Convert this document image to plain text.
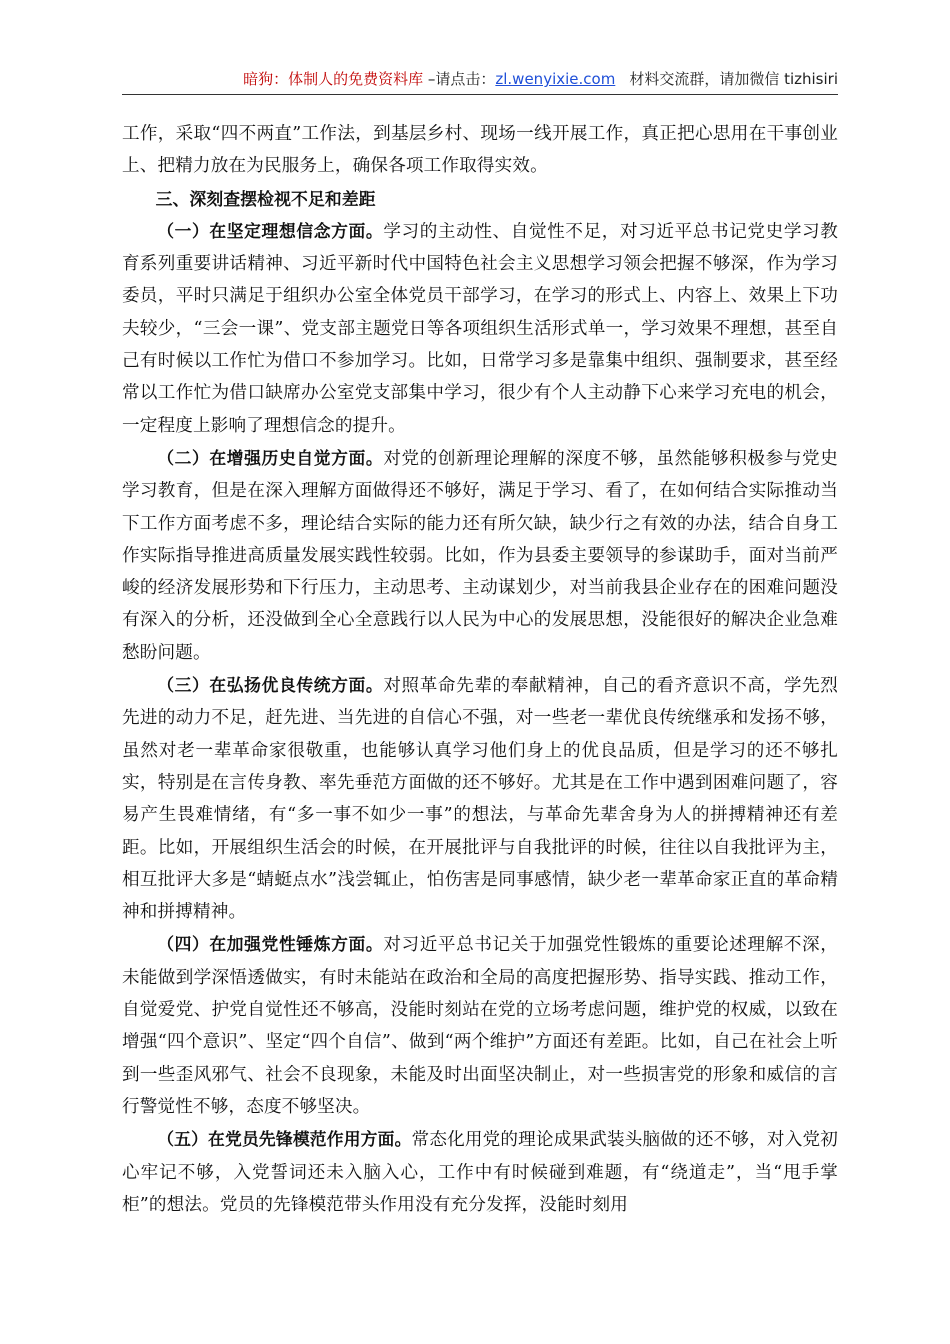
暗狗：体制人的免费资料库 –请点击：zl.wenyixie.com 材料交流群，请加微信 tizhisiri

工作，采取“四不两直”工作法，到基层乡村、现场一线开展工作，真正把心思用在干事创业上、把精力放在为民服务上，确保各项工作取得实效。

三、深刻查摆检视不足和差距

（一）在坚定理想信念方面。学习的主动性、自觉性不足，对习近平总书记党史学习教育系列重要讲话精神、习近平新时代中国特色社会主义思想学习领会把握不够深，作为学习委员，平时只满足于组织办公室全体党员干部学习，在学习的形式上、内容上、效果上下功夫较少，“三会一课”、党支部主题党日等各项组织生活形式单一，学习效果不理想，甚至自己有时候以工作忙为借口不参加学习。比如，日常学习多是靠集中组织、强制要求，甚至经常以工作忙为借口缺席办公室党支部集中学习，很少有个人主动静下心来学习充电的机会，一定程度上影响了理想信念的提升。

（二）在增强历史自觉方面。对党的创新理论理解的深度不够，虽然能够积极参与党史学习教育，但是在深入理解方面做得还不够好，满足于学习、看了，在如何结合实际推动当下工作方面考虑不多，理论结合实际的能力还有所欠缺，缺少行之有效的办法，结合自身工作实际指导推进高质量发展实践性较弱。比如，作为县委主要领导的参谋助手，面对当前严峻的经济发展形势和下行压力，主动思考、主动谋划少，对当前我县企业存在的困难问题没有深入的分析，还没做到全心全意践行以人民为中心的发展思想，没能很好的解决企业急难愁盼问题。

（三）在弘扬优良传统方面。对照革命先辈的奉献精神，自己的看齐意识不高，学先烈先进的动力不足，赶先进、当先进的自信心不强，对一些老一辈优良传统继承和发扬不够，虽然对老一辈革命家很敬重，也能够认真学习他们身上的优良品质，但是学习的还不够扎实，特别是在言传身教、率先垂范方面做的还不够好。尤其是在工作中遇到困难问题了，容易产生畏难情绪，有“多一事不如少一事”的想法，与革命先辈舍身为人的拼搏精神还有差距。比如，开展组织生活会的时候，在开展批评与自我批评的时候，往往以自我批评为主，相互批评大多是“蜻蜓点水”浅尝辄止，怕伤害是同事感情，缺少老一辈革命家正直的革命精神和拼搏精神。

（四）在加强党性锤炼方面。对习近平总书记关于加强党性锻炼的重要论述理解不深，未能做到学深悟透做实，有时未能站在政治和全局的高度把握形势、指导实践、推动工作，自觉爱党、护党自觉性还不够高，没能时刻站在党的立场考虑问题，维护党的权威，以致在增强“四个意识”、坚定“四个自信”、做到“两个维护”方面还有差距。比如，自己在社会上听到一些歪风邪气、社会不良现象，未能及时出面坚决制止，对一些损害党的形象和威信的言行警觉性不够，态度不够坚决。

（五）在党员先锋模范作用方面。常态化用党的理论成果武装头脑做的还不够，对入党初心牢记不够，入党誓词还未入脑入心，工作中有时候碰到难题，有“绕道走”，当“甩手掌柜”的想法。党员的先锋模范带头作用没有充分发挥，没能时刻用
